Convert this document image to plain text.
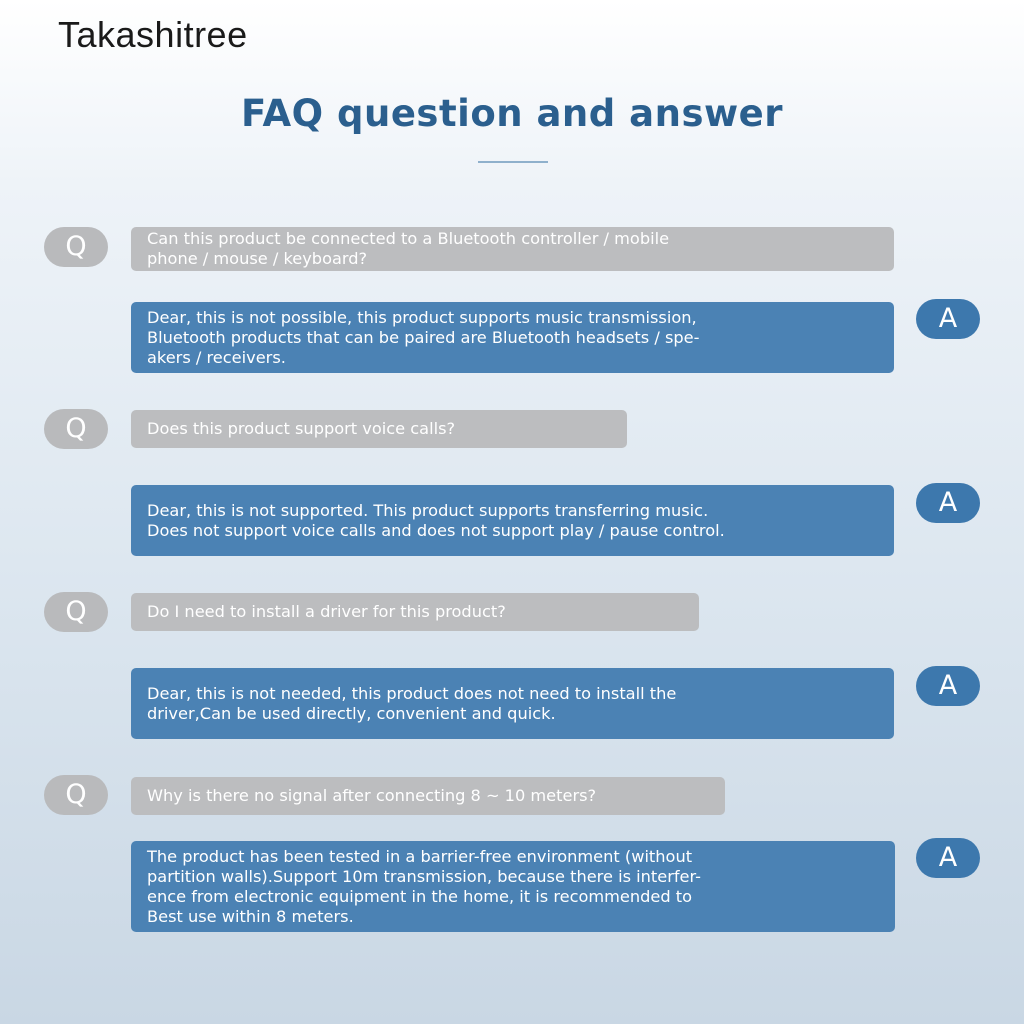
Takashitree
FAQ question and answer
Q	Can this product be connected to a Bluetooth controller / mobile
phone / mouse / keyboard?
Dear, this is not possible, this product supports music transmission,
Bluetooth products that can be paired are Bluetooth headsets / spe-
akers / receivers.
A
Q	Does this product support voice calls?
Dear, this is not supported. This product supports transferring music.
Does not support voice calls and does not support play / pause control.
A
Q	Do I need to install a driver for this product?
Dear, this is not needed, this product does not need to install the
driver,Can be used directly, convenient and quick.
A
Q	Why is there no signal after connecting 8 ~ 10 meters?
The product has been tested in a barrier-free environment (without
partition walls).Support 10m transmission, because there is interfer-
ence from electronic equipment in the home, it is recommended to
Best use within 8 meters.
A
